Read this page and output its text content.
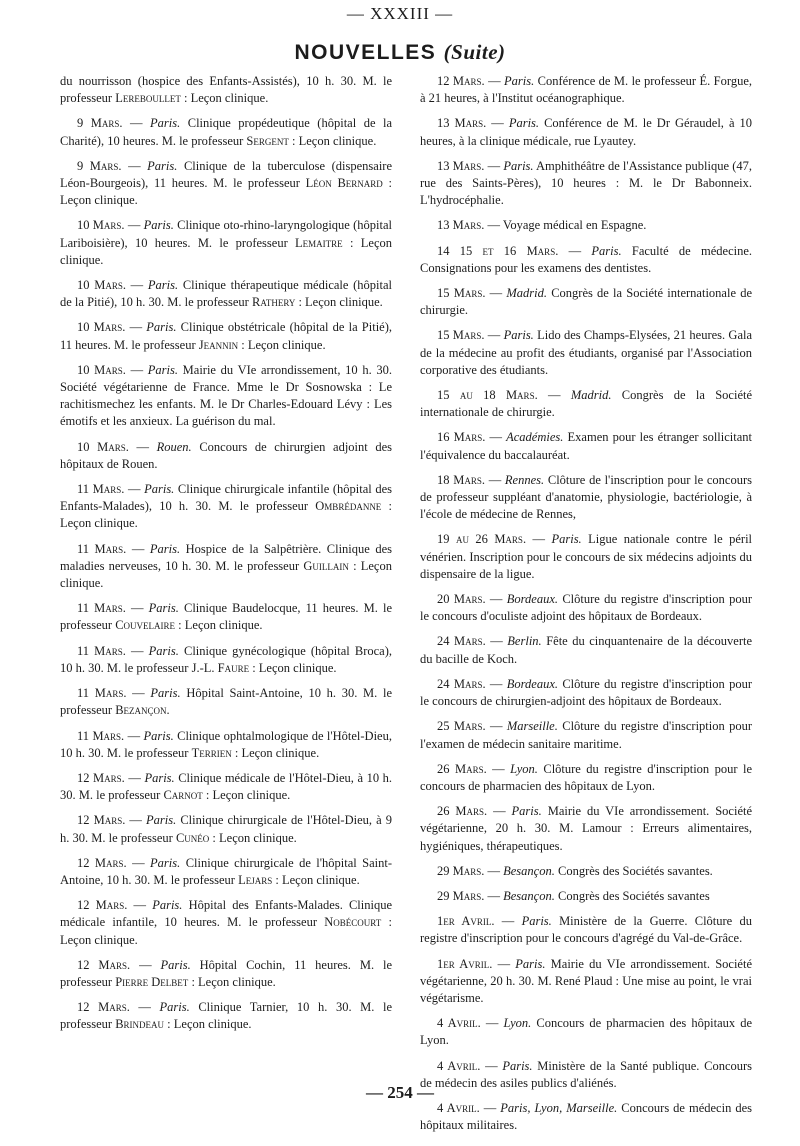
— XXXIII —
NOUVELLES (Suite)

du nourrisson (hospice des Enfants-Assistés), 10 h. 30. M. le professeur Lereboullet : Leçon clinique.

9 Mars. — Paris. Clinique propédeutique (hôpital de la Charité), 10 heures. M. le professeur Sergent : Leçon clinique.

9 Mars. — Paris. Clinique de la tuberculose (dispensaire Léon-Bourgeois), 11 heures. M. le professeur Léon Bernard : Leçon clinique.

10 Mars. — Paris. Clinique oto-rhino-laryngologique (hôpital Lariboisière), 10 heures. M. le professeur Lemaitre : Leçon clinique.

10 Mars. — Paris. Clinique thérapeutique médicale (hôpital de la Pitié), 10 h. 30. M. le professeur Rathery : Leçon clinique.

10 Mars. — Paris. Clinique obstétricale (hôpital de la Pitié), 11 heures. M. le professeur Jeannin : Leçon clinique.

10 Mars. — Paris. Mairie du VIe arrondissement, 10 h. 30. Société végétarienne de France. Mme le Dr Sosnowska : Le rachitismechez les enfants. M. le Dr Charles-Edouard Lévy : Les émotifs et les anxieux. La guérison du mal.

10 Mars. — Rouen. Concours de chirurgien adjoint des hôpitaux de Rouen.

11 Mars. — Paris. Clinique chirurgicale infantile (hôpital des Enfants-Malades), 10 h. 30. M. le professeur Ombrédanne : Leçon clinique.

11 Mars. — Paris. Hospice de la Salpêtrière. Clinique des maladies nerveuses, 10 h. 30. M. le professeur Guillain : Leçon clinique.

11 Mars. — Paris. Clinique Baudelocque, 11 heures. M. le professeur Couvelaire : Leçon clinique.

11 Mars. — Paris. Clinique gynécologique (hôpital Broca), 10 h. 30. M. le professeur J.-L. Faure : Leçon clinique.

11 Mars. — Paris. Hôpital Saint-Antoine, 10 h. 30. M. le professeur Bezançon.

11 Mars. — Paris. Clinique ophtalmologique de l'Hôtel-Dieu, 10 h. 30. M. le professeur Terrien : Leçon clinique.

12 Mars. — Paris. Clinique médicale de l'Hôtel-Dieu, à 10 h. 30. M. le professeur Carnot : Leçon clinique.

12 Mars. — Paris. Clinique chirurgicale de l'Hôtel-Dieu, à 9 h. 30. M. le professeur Cunéo : Leçon clinique.

12 Mars. — Paris. Clinique chirurgicale de l'hôpital Saint-Antoine, 10 h. 30. M. le professeur Lejars : Leçon clinique.

12 Mars. — Paris. Hôpital des Enfants-Malades. Clinique médicale infantile, 10 heures. M. le professeur Nobécourt : Leçon clinique.

12 Mars. — Paris. Hôpital Cochin, 11 heures. M. le professeur Pierre Delbet : Leçon clinique.

12 Mars. — Paris. Clinique Tarnier, 10 h. 30. M. le professeur Brindeau : Leçon clinique.

12 Mars. — Paris. Conférence de M. le professeur É. Forgue, à 21 heures, à l'Institut océanographique.

13 Mars. — Paris. Conférence de M. le Dr Géraudel, à 10 heures, à la clinique médicale, rue Lyautey.

13 Mars. — Paris. Amphithéâtre de l'Assistance publique (47, rue des Saints-Pères), 10 heures : M. le Dr Babonneix. L'hydrocéphalie.

13 Mars. — Voyage médical en Espagne.

14 15 et 16 Mars. — Paris. Faculté de médecine. Consignations pour les examens des dentistes.

15 Mars. — Madrid. Congrès de la Société internationale de chirurgie.

15 Mars. — Paris. Lido des Champs-Elysées, 21 heures. Gala de la médecine au profit des étudiants, organisé par l'Association corporative des étudiants.

15 au 18 Mars. — Madrid. Congrès de la Société internationale de chirurgie.

16 Mars. — Académies. Examen pour les étranger sollicitant l'équivalence du baccalauréat.

18 Mars. — Rennes. Clôture de l'inscription pour le concours de professeur suppléant d'anatomie, physiologie, bactériologie, à l'école de médecine de Rennes,

19 au 26 Mars. — Paris. Ligue nationale contre le péril vénérien. Inscription pour le concours de six médecins adjoints du dispensaire de la ligue.

20 Mars. — Bordeaux. Clôture du registre d'inscription pour le concours d'oculiste adjoint des hôpitaux de Bordeaux.

24 Mars. — Berlin. Fête du cinquantenaire de la découverte du bacille de Koch.

24 Mars. — Bordeaux. Clôture du registre d'inscription pour le concours de chirurgien-adjoint des hôpitaux de Bordeaux.

25 Mars. — Marseille. Clôture du registre d'inscription pour l'examen de médecin sanitaire maritime.

26 Mars. — Lyon. Clôture du registre d'inscription pour le concours de pharmacien des hôpitaux de Lyon.

26 Mars. — Paris. Mairie du VIe arrondissement. Société végétarienne, 20 h. 30. M. Lamour : Erreurs alimentaires, hygiéniques, thérapeutiques.

29 Mars. — Besançon. Congrès des Sociétés savantes.

29 Mars. — Besançon. Congrès des Sociétés savantes

1er Avril. — Paris. Ministère de la Guerre. Clôture du registre d'inscription pour le concours d'agrégé du Val-de-Grâce.

1er Avril. — Paris. Mairie du VIe arrondissement. Société végétarienne, 20 h. 30. M. René Plaud : Une mise au point, le vrai végétarisme.

4 Avril. — Lyon. Concours de pharmacien des hôpitaux de Lyon.

4 Avril. — Paris. Ministère de la Santé publique. Concours de médecin des asiles publics d'aliénés.

4 Avril. — Paris, Lyon, Marseille. Concours de médecin des hôpitaux militaires.

— 254 —
